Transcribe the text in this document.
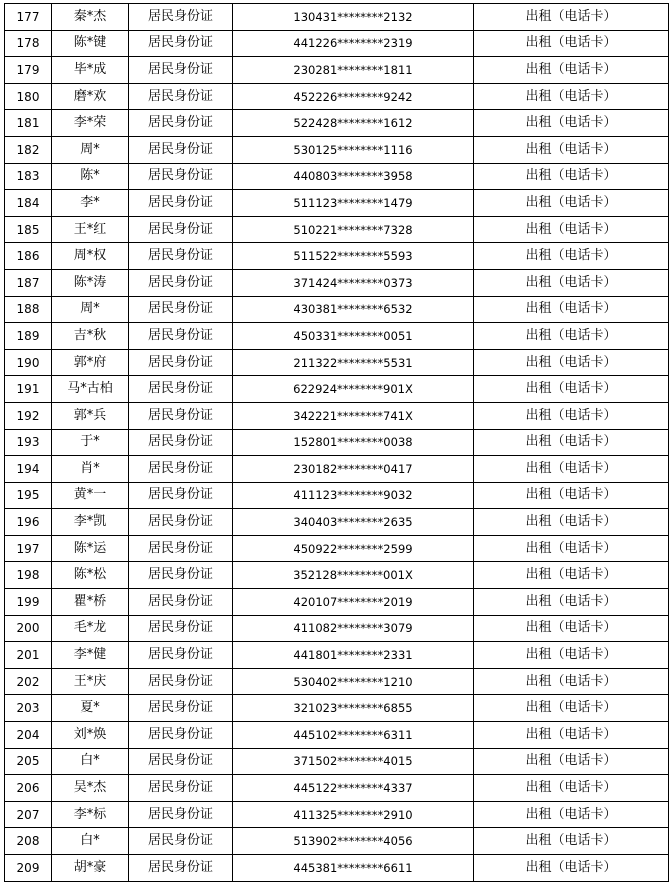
177	秦*杰	居民身份证	130431********2132	出租（电话卡）
178	陈*键	居民身份证	441226********2319	出租（电话卡）
179	毕*成	居民身份证	230281********1811	出租（电话卡）
180	磨*欢	居民身份证	452226********9242	出租（电话卡）
181	李*荣	居民身份证	522428********1612	出租（电话卡）
182	周*	居民身份证	530125********1116	出租（电话卡）
183	陈*	居民身份证	440803********3958	出租（电话卡）
184	李*	居民身份证	511123********1479	出租（电话卡）
185	王*红	居民身份证	510221********7328	出租（电话卡）
186	周*权	居民身份证	511522********5593	出租（电话卡）
187	陈*涛	居民身份证	371424********0373	出租（电话卡）
188	周*	居民身份证	430381********6532	出租（电话卡）
189	吉*秋	居民身份证	450331********0051	出租（电话卡）
190	郭*府	居民身份证	211322********5531	出租（电话卡）
191	马*古柏	居民身份证	622924********901X	出租（电话卡）
192	郭*兵	居民身份证	342221********741X	出租（电话卡）
193	于*	居民身份证	152801********0038	出租（电话卡）
194	肖*	居民身份证	230182********0417	出租（电话卡）
195	黄*一	居民身份证	411123********9032	出租（电话卡）
196	李*凯	居民身份证	340403********2635	出租（电话卡）
197	陈*运	居民身份证	450922********2599	出租（电话卡）
198	陈*松	居民身份证	352128********001X	出租（电话卡）
199	瞿*桥	居民身份证	420107********2019	出租（电话卡）
200	毛*龙	居民身份证	411082********3079	出租（电话卡）
201	李*健	居民身份证	441801********2331	出租（电话卡）
202	王*庆	居民身份证	530402********1210	出租（电话卡）
203	夏*	居民身份证	321023********6855	出租（电话卡）
204	刘*焕	居民身份证	445102********6311	出租（电话卡）
205	白*	居民身份证	371502********4015	出租（电话卡）
206	吴*杰	居民身份证	445122********4337	出租（电话卡）
207	李*标	居民身份证	411325********2910	出租（电话卡）
208	白*	居民身份证	513902********4056	出租（电话卡）
209	胡*豪	居民身份证	445381********6611	出租（电话卡）
